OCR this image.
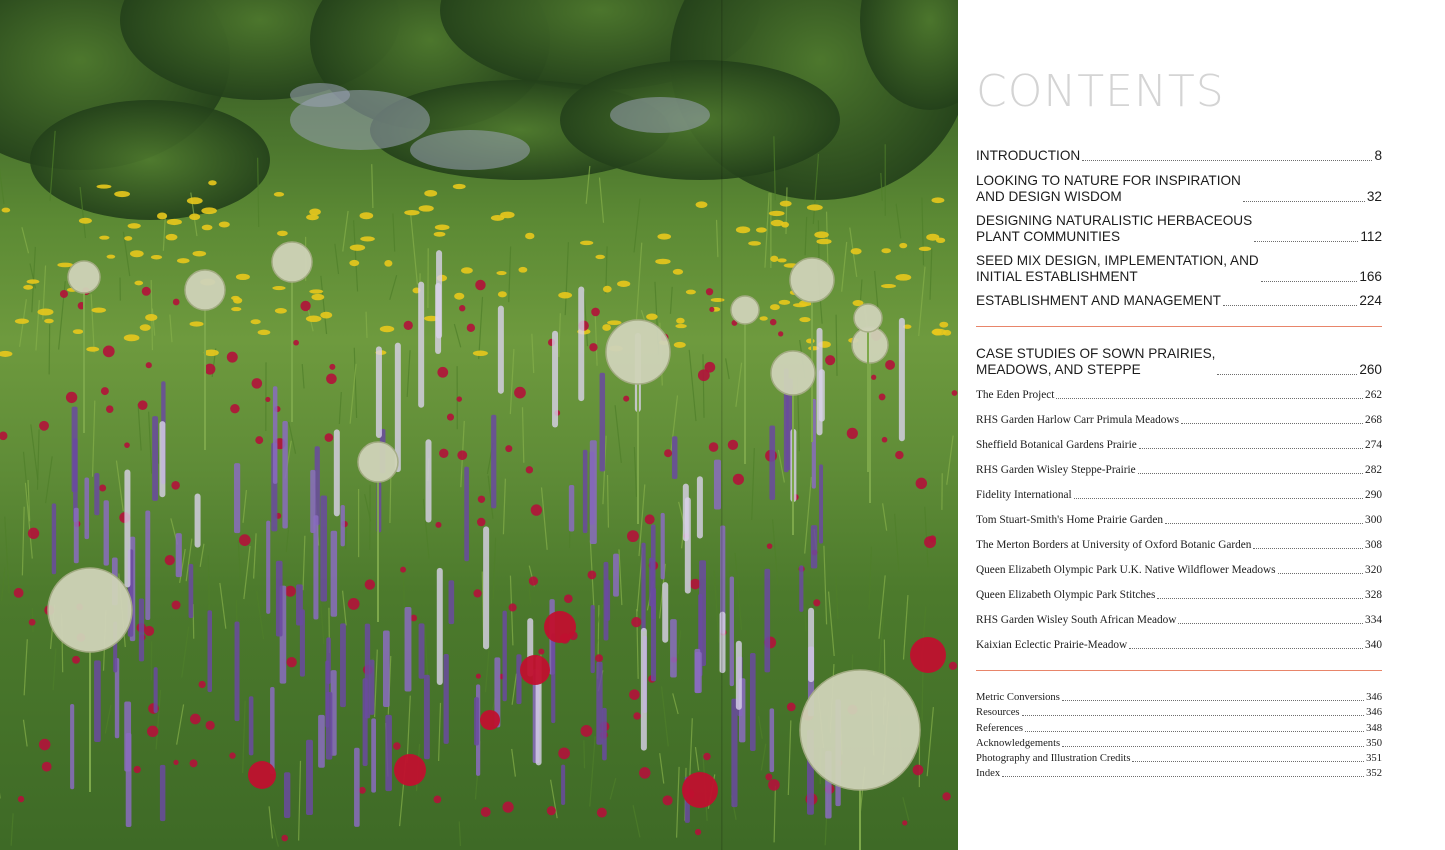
CONTENTS
INTRODUCTION	8
LOOKING TO NATURE FOR INSPIRATION
AND DESIGN WISDOM	32
DESIGNING NATURALISTIC HERBACEOUS
PLANT COMMUNITIES	112
SEED MIX DESIGN, IMPLEMENTATION, AND
INITIAL ESTABLISHMENT	166
ESTABLISHMENT AND MANAGEMENT	224
CASE STUDIES OF SOWN PRAIRIES,
MEADOWS, AND STEPPE	260
The Eden Project	262
RHS Garden Harlow Carr Primula Meadows	268
Sheffield Botanical Gardens Prairie	274
RHS Garden Wisley Steppe-Prairie	282
Fidelity International	290
Tom Stuart-Smith's Home Prairie Garden	300
The Merton Borders at University of Oxford Botanic Garden	308
Queen Elizabeth Olympic Park U.K. Native Wildflower Meadows	320
Queen Elizabeth Olympic Park Stitches	328
RHS Garden Wisley South African Meadow	334
Kaixian Eclectic Prairie-Meadow	340
Metric Conversions	346
Resources	346
References	348
Acknowledgements	350
Photography and Illustration Credits	351
Index	352
